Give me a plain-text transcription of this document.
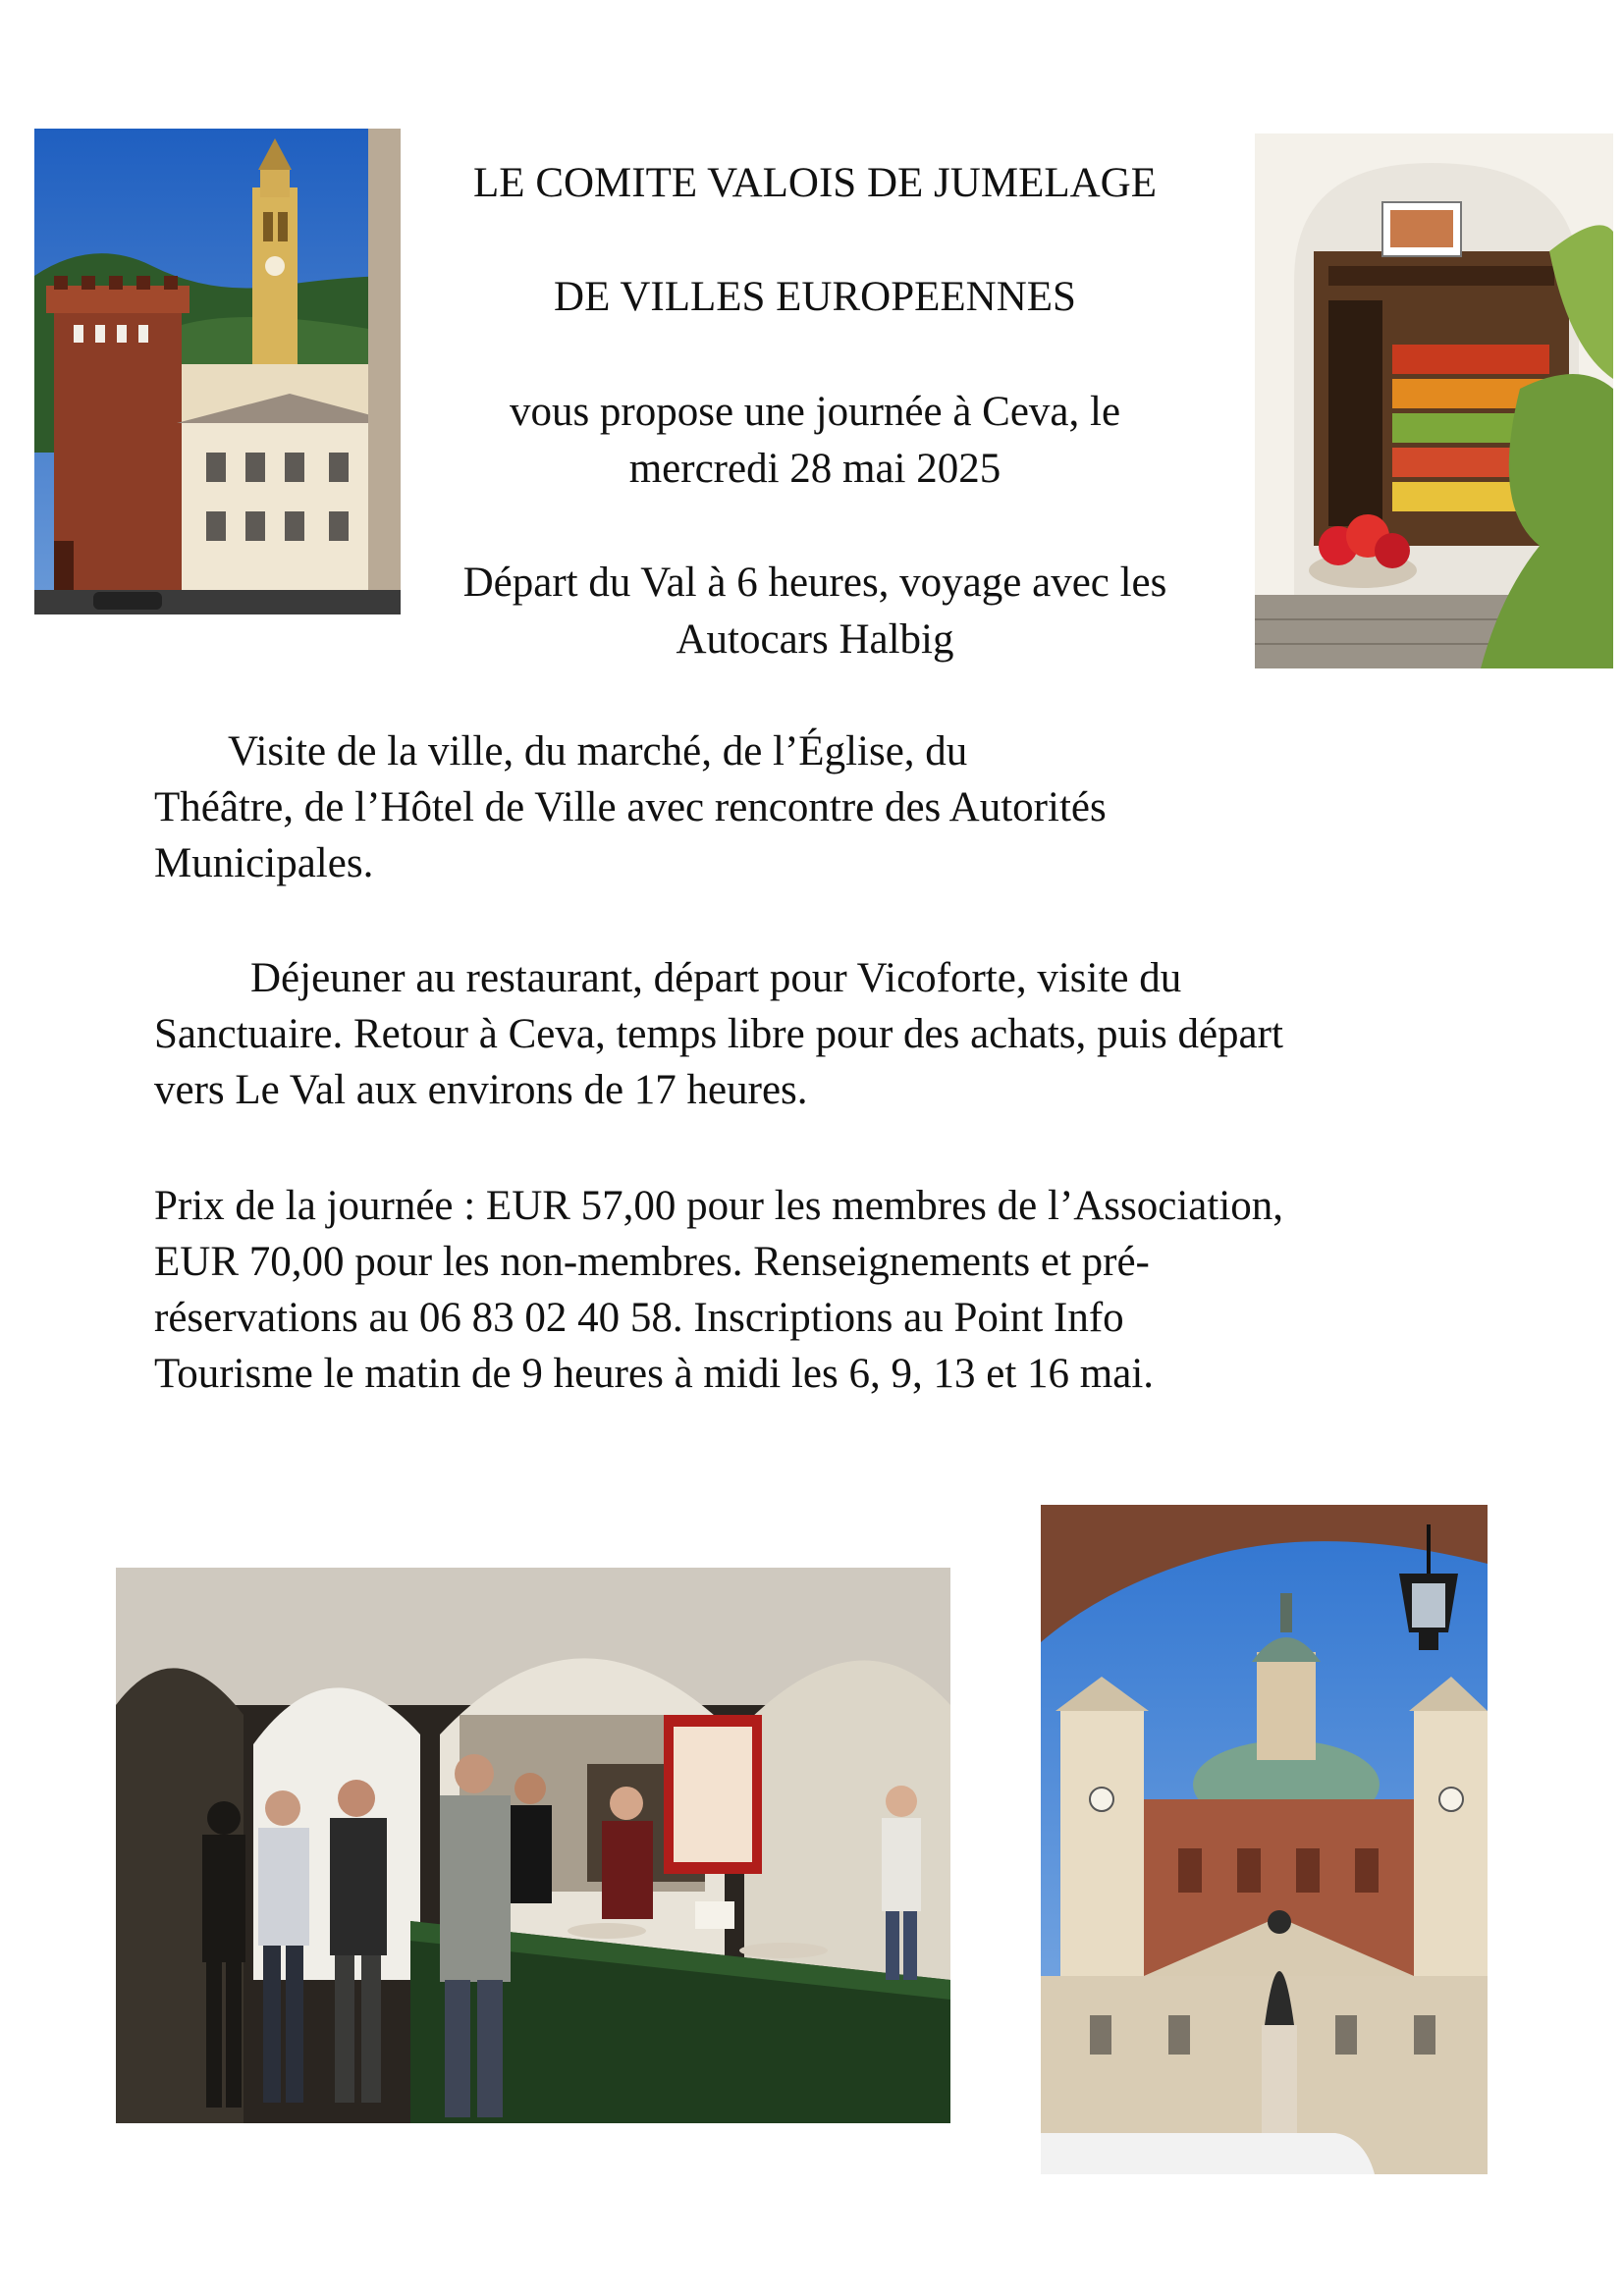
LE COMITE VALOIS DE JUMELAGE
DE VILLES EUROPEENNES
vous propose une journée à Ceva, le
mercredi 28 mai 2025
Départ du Val à 6 heures, voyage avec les
Autocars Halbig
Visite de la ville, du marché, de l’Église, du
Théâtre, de l’Hôtel de Ville avec rencontre des Autorités
Municipales.
Déjeuner au restaurant, départ pour Vicoforte, visite du
Sanctuaire. Retour à Ceva, temps libre pour des achats, puis départ
vers Le Val aux environs de 17 heures.
Prix de la journée : EUR 57,00 pour les membres de l’Association,
EUR 70,00 pour les non-membres. Renseignements et pré-
réservations au 06 83 02 40 58. Inscriptions au Point Info
Tourisme le matin de 9 heures à midi les 6, 9, 13 et 16 mai.
